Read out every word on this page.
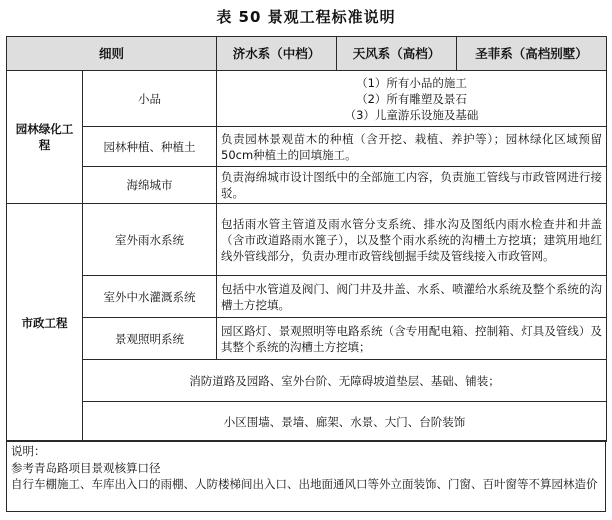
表 50 景观工程标准说明
细则		济水系（中档）	天风系（高档）	圣菲系（高档别墅）
园林绿化工程	小品	（1）所有小品的施工
（2）所有雕塑及景石
（3）儿童游乐设施及基础		

	园林种植、种植土	负责园林景观苗木的种植（含开挖、栽植、养护等）；园林绿化区域预留50cm种植土的回填施工。		
	海绵城市	负责海绵城市设计图纸中的全部施工内容，负责施工管线与市政管网进行接驳。		
市政工程	室外雨水系统	包括雨水管主管道及雨水管分支系统、排水沟及图纸内雨水检查井和井盖（含市政道路雨水篦子），以及整个雨水系统的沟槽土方挖填；建筑用地红线外管线部分，负责办理市政管线刨掘手续及管线接入市政管网。		
	室外中水灌溉系统	包括中水管道及阀门、阀门井及井盖、水系、喷灌给水系统及整个系统的沟槽土方挖填。		
	景观照明系统	园区路灯、景观照明等电路系统（含专用配电箱、控制箱、灯具及管线）及其整个系统的沟槽土方挖填；		
	消防道路及园路、室外台阶、无障碍坡道垫层、基础、铺装；			
	小区围墙、景墙、廊架、水景、大门、台阶装饰			
说明：
参考青岛路项目景观核算口径
自行车棚施工、车库出入口的雨棚、人防楼梯间出入口、出地面通风口等外立面装饰、门窗、百叶窗等不算园林造价
